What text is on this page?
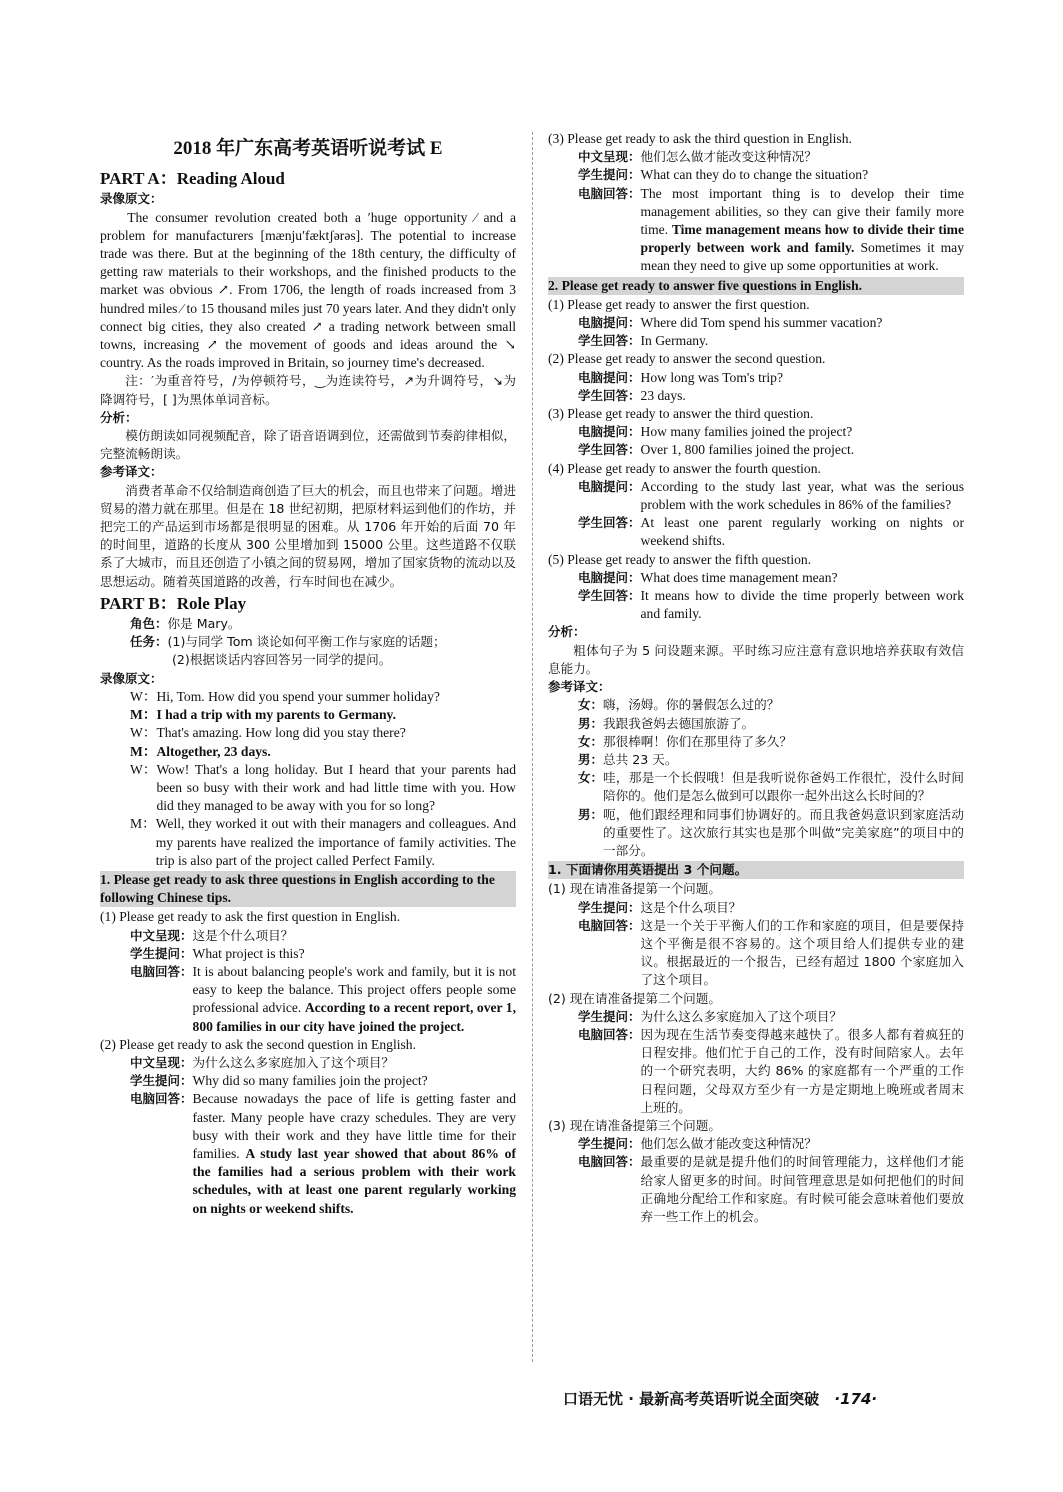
2018 年广东高考英语听说考试 E
PART A：Reading Aloud
录像原文：

The consumer revolution created both a ′huge opportunity ∕ and a problem for manufacturers [mænju′fæktʃərəs]. The potential to increase trade was there. But at the beginning of the 18th century, the difficulty of getting raw materials to their workshops, and the finished products to the market was obvious ↗. From 1706, the length of roads increased from 3 hundred miles ∕ to 15 thousand miles just 70 years later. And they didn't only connect big cities, they also created ↗ a trading network between small towns, increasing ↗ the movement of goods and ideas around the ↘ country. As the roads improved in Britain, so journey time's decreased.

注：′为重音符号，∕为停顿符号，‿为连读符号，↗为升调符号，↘为降调符号，[ ]为黑体单词音标。

分析：

模仿朗读如同视频配音，除了语音语调到位，还需做到节奏韵律相似，完整流畅朗读。

参考译文：

消费者革命不仅给制造商创造了巨大的机会，而且也带来了问题。增进贸易的潜力就在那里。但是在 18 世纪初期，把原材料运到他们的作坊，并把完工的产品运到市场都是很明显的困难。从 1706 年开始的后面 70 年的时间里，道路的长度从 300 公里增加到 15000 公里。这些道路不仅联系了大城市，而且还创造了小镇之间的贸易网，增加了国家货物的流动以及思想运动。随着英国道路的改善，行车时间也在减少。

PART B：Role Play
角色： 你是 Mary。
任务： (1)与同学 Tom 谈论如何平衡工作与家庭的话题；

(2)根据谈话内容回答另一同学的提问。

录像原文：
W： Hi, Tom. How did you spend your summer holiday?
M： I had a trip with my parents to Germany.
W： That's amazing. How long did you stay there?
M： Altogether, 23 days.
W： Wow! That's a long holiday. But I heard that your parents had been so busy with their work and had little time with you. How did they managed to be away with you for so long?
M： Well, they worked it out with their managers and colleagues. And my parents have realized the importance of family activities. The trip is also part of the project called Perfect Family.
1. Please get ready to ask three questions in English according to the following Chinese tips.

(1) Please get ready to ask the first question in English.

中文呈现： 这是个什么项目？
学生提问： What project is this?
电脑回答： It is about balancing people's work and family, but it is not easy to keep the balance. This project offers people some professional advice. According to a recent report, over 1, 800 families in our city have joined the project.

(2) Please get ready to ask the second question in English.

中文呈现： 为什么这么多家庭加入了这个项目？
学生提问： Why did so many families join the project?
电脑回答： Because nowadays the pace of life is getting faster and faster. Many people have crazy schedules. They are very busy with their work and they have little time for their families. A study last year showed that about 86% of the families had a serious problem with their work schedules, with at least one parent regularly working on nights or weekend shifts.

(3) Please get ready to ask the third question in English.

中文呈现： 他们怎么做才能改变这种情况？
学生提问： What can they do to change the situation?
电脑回答： The most important thing is to develop their time management abilities, so they can give their family more time. Time management means how to divide their time properly between work and family. Sometimes it may mean they need to give up some opportunities at work.
2. Please get ready to answer five questions in English.

(1) Please get ready to answer the first question.

电脑提问： Where did Tom spend his summer vacation?
学生回答： In Germany.

(2) Please get ready to answer the second question.

电脑提问： How long was Tom's trip?
学生回答： 23 days.

(3) Please get ready to answer the third question.

电脑提问： How many families joined the project?
学生回答： Over 1, 800 families joined the project.

(4) Please get ready to answer the fourth question.

电脑提问： According to the study last year, what was the serious problem with the work schedules in 86% of the families?
学生回答： At least one parent regularly working on nights or weekend shifts.

(5) Please get ready to answer the fifth question.

电脑提问： What does time management mean?
学生回答： It means how to divide the time properly between work and family.
分析：

粗体句子为 5 问设题来源。平时练习应注意有意识地培养获取有效信息能力。

参考译文：
女： 嗨，汤姆。你的暑假怎么过的？
男： 我跟我爸妈去德国旅游了。
女： 那很棒啊！你们在那里待了多久？
男： 总共 23 天。
女： 哇，那是一个长假哦！但是我听说你爸妈工作很忙，没什么时间陪你的。他们是怎么做到可以跟你一起外出这么长时间的？
男： 呃，他们跟经理和同事们协调好的。而且我爸妈意识到家庭活动的重要性了。这次旅行其实也是那个叫做“完美家庭”的项目中的一部分。
1. 下面请你用英语提出 3 个问题。

(1) 现在请准备提第一个问题。

学生提问： 这是个什么项目？
电脑回答： 这是一个关于平衡人们的工作和家庭的项目，但是要保持这个平衡是很不容易的。这个项目给人们提供专业的建议。根据最近的一个报告，已经有超过 1800 个家庭加入了这个项目。

(2) 现在请准备提第二个问题。

学生提问： 为什么这么多家庭加入了这个项目？
电脑回答： 因为现在生活节奏变得越来越快了。很多人都有着疯狂的日程安排。他们忙于自己的工作，没有时间陪家人。去年的一个研究表明，大约 86% 的家庭都有一个严重的工作日程问题，父母双方至少有一方是定期地上晚班或者周末上班的。

(3) 现在请准备提第三个问题。

学生提问： 他们怎么做才能改变这种情况？
电脑回答： 最重要的是就是提升他们的时间管理能力，这样他们才能给家人留更多的时间。时间管理意思是如何把他们的时间正确地分配给工作和家庭。有时候可能会意味着他们要放弃一些工作上的机会。
口语无忧 · 最新高考英语听说全面突破 ·174·
